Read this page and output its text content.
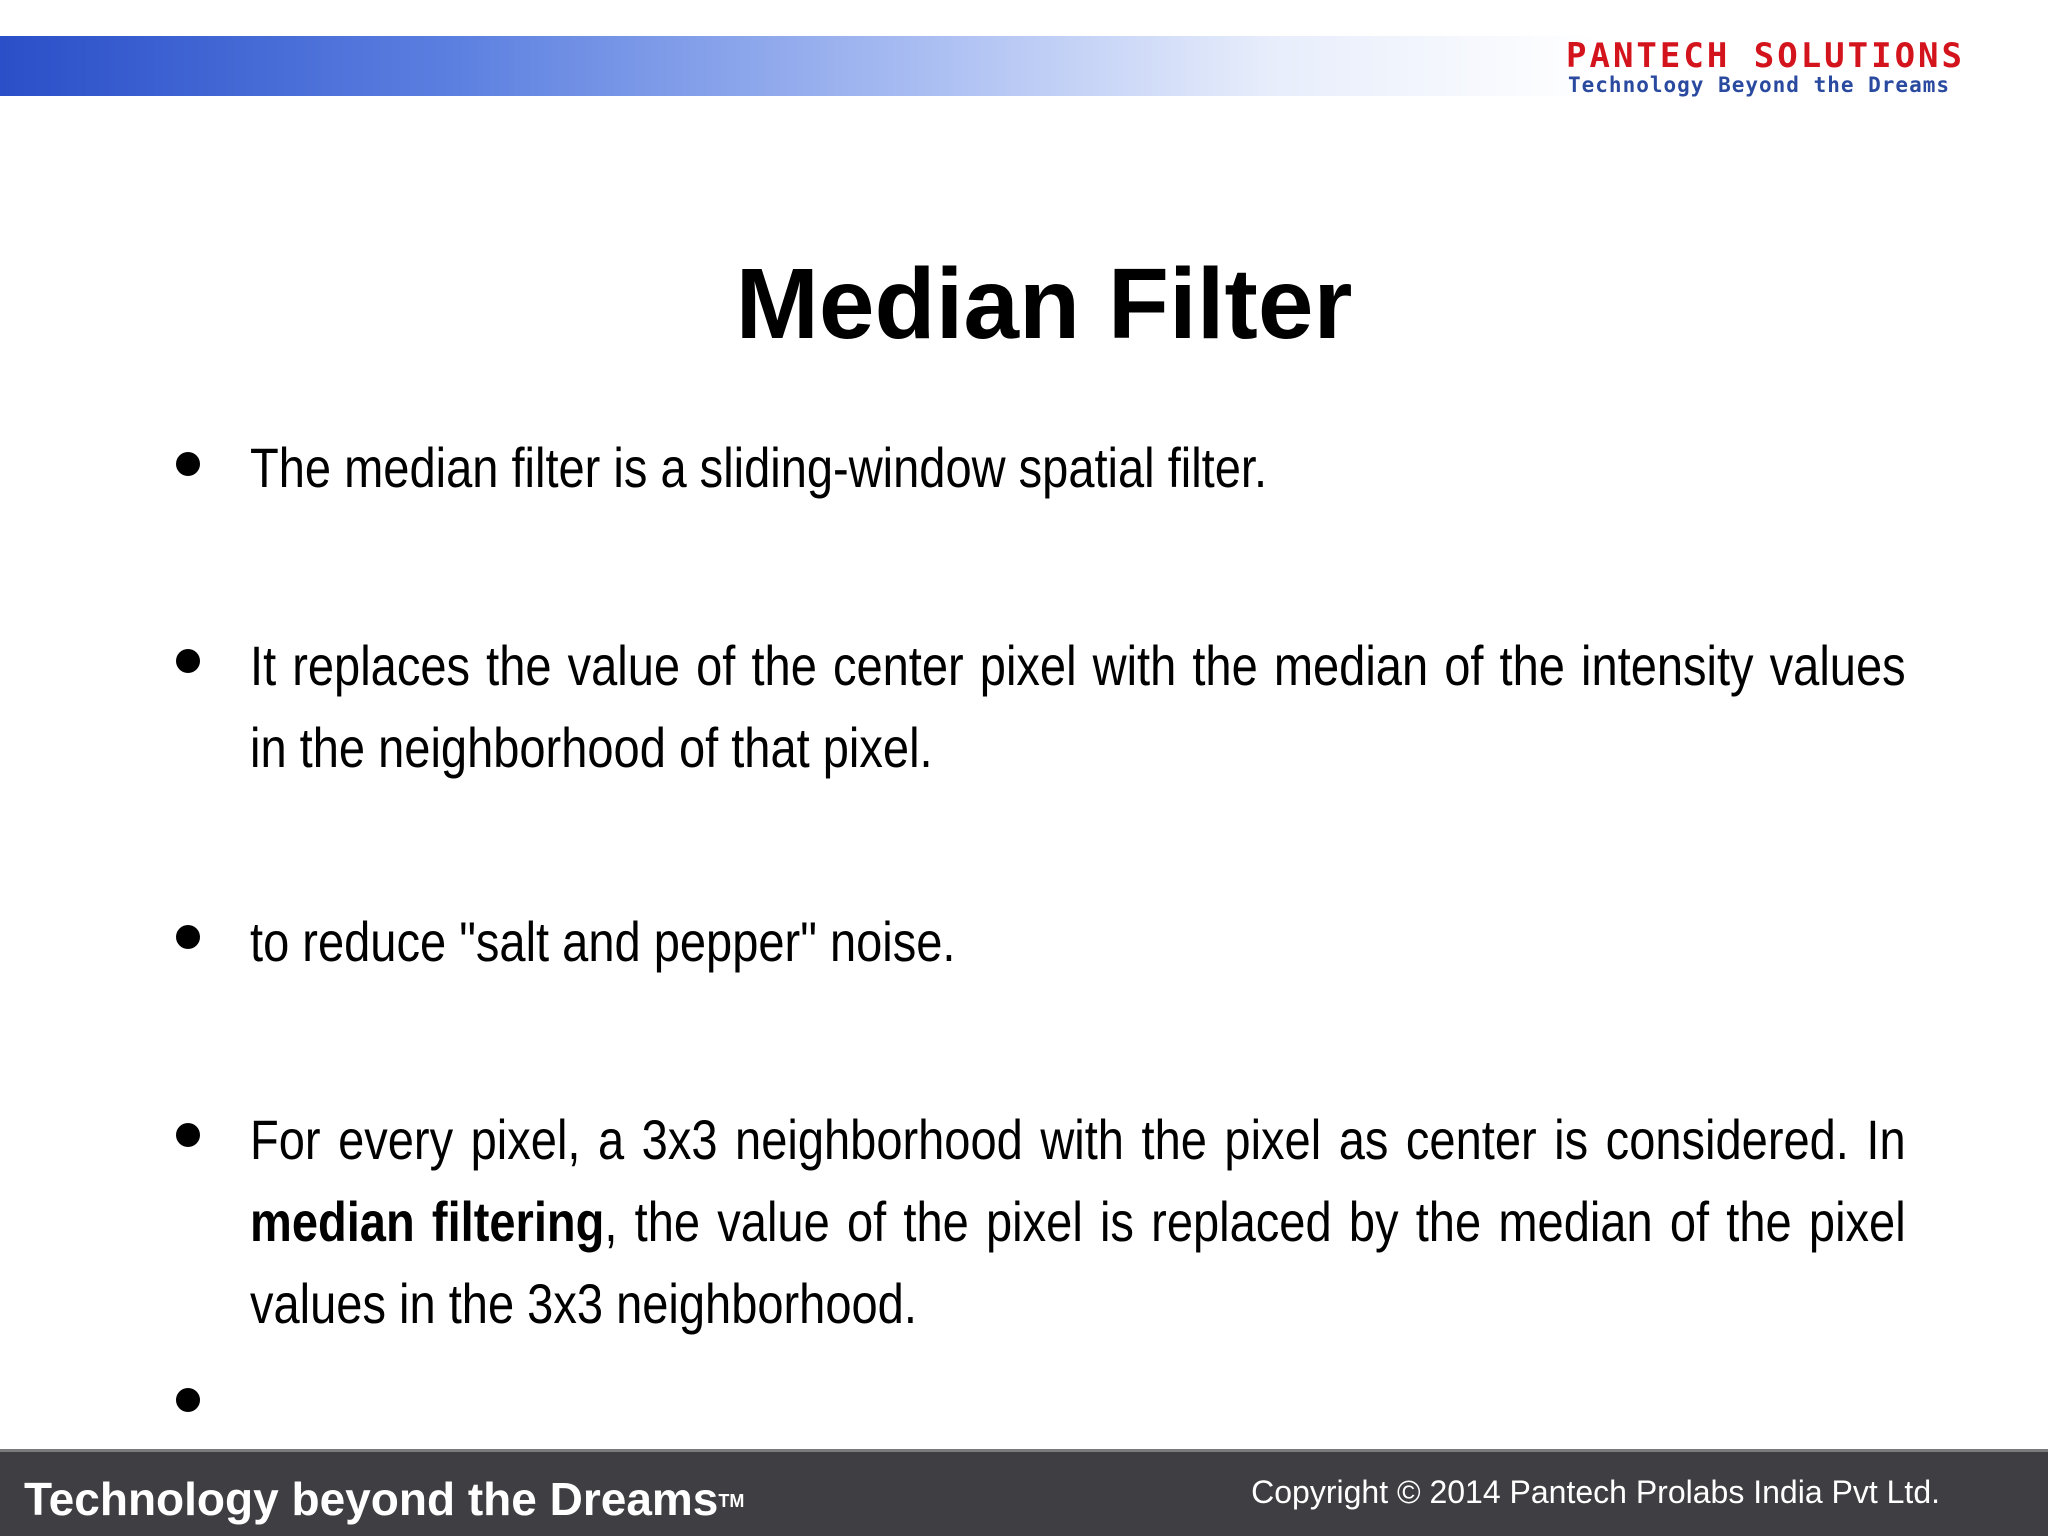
PANTECH SOLUTIONS
Technology Beyond the Dreams
Median Filter
The median filter is a sliding-window spatial filter.
It replaces the value of the center pixel with the median of the intensity values in the neighborhood of that pixel.
to reduce "salt and pepper" noise.
For every pixel, a 3x3 neighborhood with the pixel as center is considered. In median filtering, the value of the pixel is replaced by the median of the pixel values in the 3x3 neighborhood.
Technology beyond the Dreams™	Copyright © 2014 Pantech Prolabs India Pvt Ltd.
